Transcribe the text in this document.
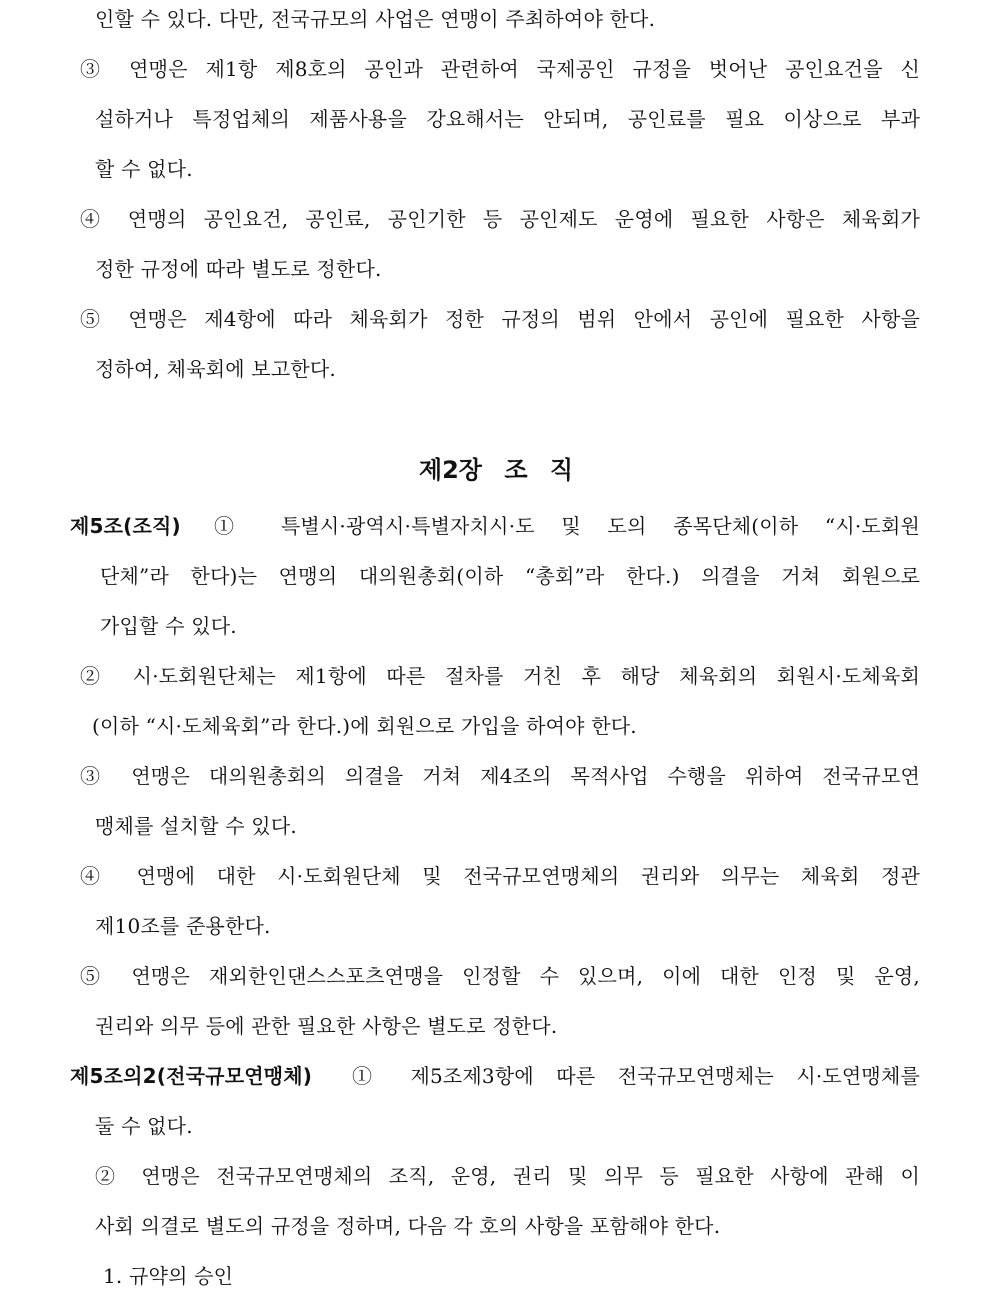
인할 수 있다. 다만, 전국규모의 사업은 연맹이 주최하여야 한다.
③ 연맹은 제1항 제8호의 공인과 관련하여 국제공인 규정을 벗어난 공인요건을 신
설하거나 특정업체의 제품사용을 강요해서는 안되며, 공인료를 필요 이상으로 부과
할 수 없다.
④ 연맹의 공인요건, 공인료, 공인기한 등 공인제도 운영에 필요한 사항은 체육회가
정한 규정에 따라 별도로 정한다.
⑤ 연맹은 제4항에 따라 체육회가 정한 규정의 범위 안에서 공인에 필요한 사항을
정하여, 체육회에 보고한다.
제2장 조 직
제5조(조직) ① 특별시·광역시·특별자치시·도 및 도의 종목단체(이하 “시·도회원
단체”라 한다)는 연맹의 대의원총회(이하 “총회”라 한다.) 의결을 거쳐 회원으로
가입할 수 있다.
② 시·도회원단체는 제1항에 따른 절차를 거친 후 해당 체육회의 회원시·도체육회
(이하 “시·도체육회”라 한다.)에 회원으로 가입을 하여야 한다.
③ 연맹은 대의원총회의 의결을 거쳐 제4조의 목적사업 수행을 위하여 전국규모연
맹체를 설치할 수 있다.
④ 연맹에 대한 시·도회원단체 및 전국규모연맹체의 권리와 의무는 체육회 정관
제10조를 준용한다.
⑤ 연맹은 재외한인댄스스포츠연맹을 인정할 수 있으며, 이에 대한 인정 및 운영,
권리와 의무 등에 관한 필요한 사항은 별도로 정한다.
제5조의2(전국규모연맹체) ① 제5조제3항에 따른 전국규모연맹체는 시·도연맹체를
둘 수 없다.
② 연맹은 전국규모연맹체의 조직, 운영, 권리 및 의무 등 필요한 사항에 관해 이
사회 의결로 별도의 규정을 정하며, 다음 각 호의 사항을 포함해야 한다.
1. 규약의 승인
